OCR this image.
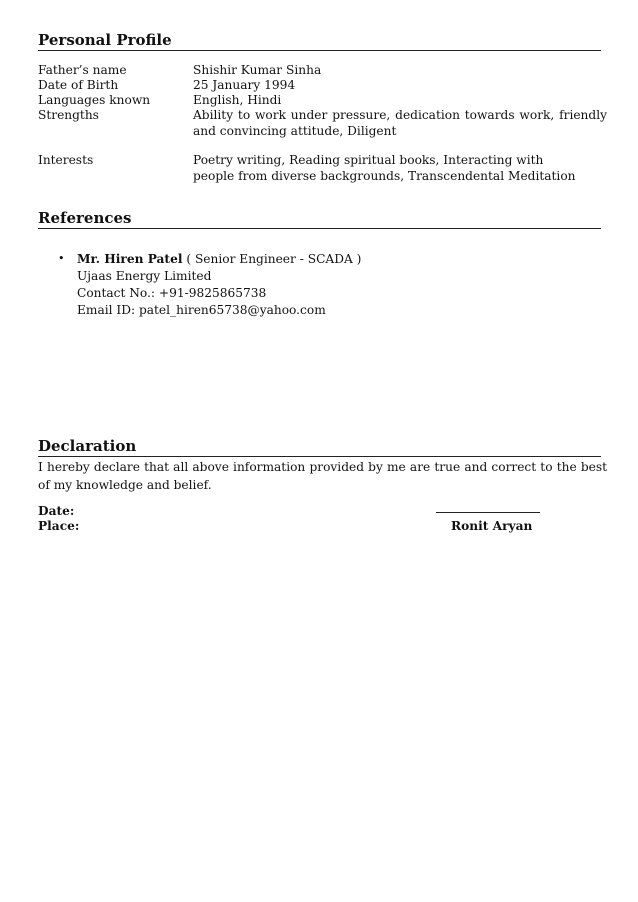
Personal Profile
Father’s name	Shishir Kumar Sinha
Date of Birth	25 January 1994
Languages known	English, Hindi
Strengths	Ability to work under pressure, dedication towards work, friendly and convincing attitude, Diligent
Interests	Poetry writing, Reading spiritual books, Interacting with people from diverse backgrounds, Transcendental Meditation
References
• Mr. Hiren Patel ( Senior Engineer - SCADA )
Ujaas Energy Limited
Contact No.: +91-9825865738
Email ID: patel_hiren65738@yahoo.com
Declaration
I hereby declare that all above information provided by me are true and correct to the best of my knowledge and belief.
Date:
Place:	Ronit Aryan
